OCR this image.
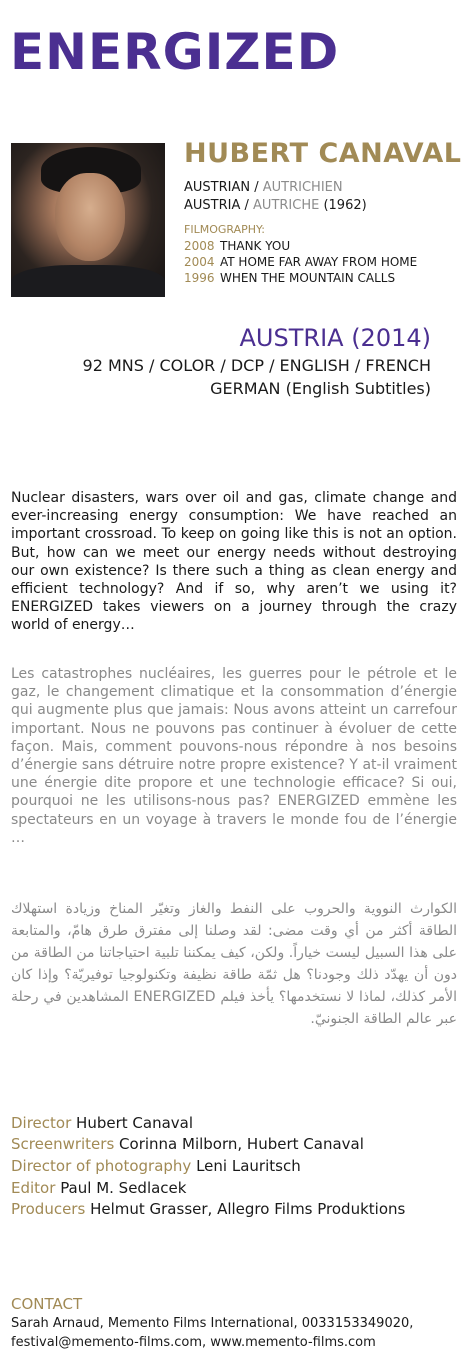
ENERGIZED
HUBERT CANAVAL
AUSTRIAN / AUTRICHIEN
AUSTRIA / AUTRICHE (1962)
FILMOGRAPHY:
2008 THANK YOU
2004 AT HOME FAR AWAY FROM HOME
1996 WHEN THE MOUNTAIN CALLS
AUSTRIA (2014)
92 MNS / COLOR / DCP / ENGLISH / FRENCH
GERMAN (English Subtitles)

Nuclear disasters, wars over oil and gas, climate change and ever-increasing energy consumption: We have reached an important crossroad. To keep on going like this is not an option. But, how can we meet our energy needs without destroying our own existence? Is there such a thing as clean energy and efficient technology? And if so, why aren’t we using it? ENERGIZED takes viewers on a journey through the crazy world of energy…

Les catastrophes nucléaires, les guerres pour le pétrole et le gaz, le changement climatique et la consommation d’énergie qui augmente plus que jamais: Nous avons atteint un carrefour important. Nous ne pouvons pas continuer à évoluer de cette façon. Mais, comment pouvons-nous répondre à nos besoins d’énergie sans détruire notre propre existence? Y at-il vraiment une énergie dite propore et une technologie efficace? Si oui, pourquoi ne les utilisons-nous pas? ENERGIZED emmène les spectateurs en un voyage à travers le monde fou de l’énergie …

الكوارث النووية والحروب على النفط والغاز وتغيّر المناخ وزيادة استهلاك الطاقة أكثر من أي وقت مضى: لقد وصلنا إلى مفترق طرق هامّ، والمتابعة على هذا السبيل ليست خياراً. ولكن، كيف يمكننا تلبية احتياجاتنا من الطاقة من دون أن يهدّد ذلك وجودنا؟ هل ثمّة طاقة نظيفة وتكنولوجيا توفيريّة؟ وإذا كان الأمر كذلك، لماذا لا نستخدمها؟ يأخذ فيلم ENERGIZED المشاهدين في رحلة عبر عالم الطاقة الجنونيّ.

Director Hubert Canaval
Screenwriters Corinna Milborn, Hubert Canaval
Director of photography Leni Lauritsch
Editor Paul M. Sedlacek
Producers Helmut Grasser, Allegro Films Produktions
CONTACT
Sarah Arnaud, Memento Films International, 0033153349020,
festival@memento-films.com, www.memento-films.com
